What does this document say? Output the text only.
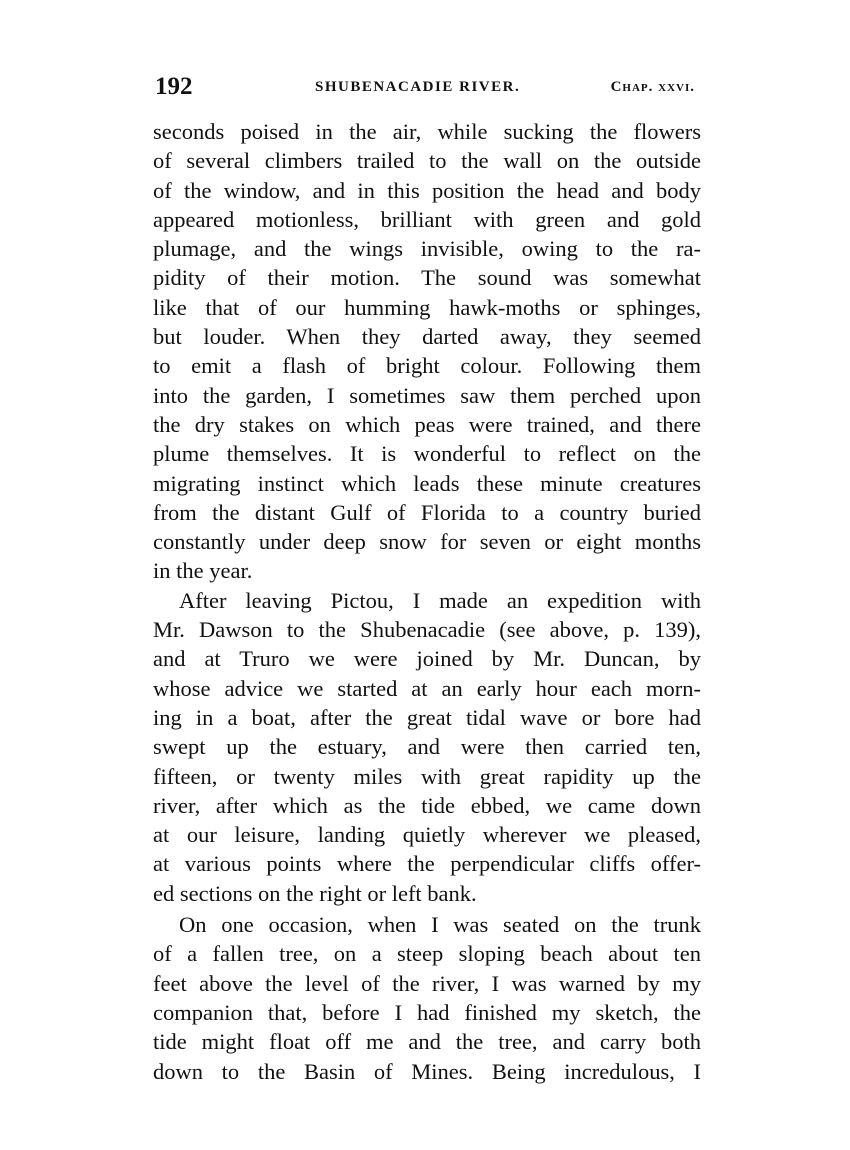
192	SHUBENACADIE RIVER.	Chap. xxvi.
seconds poised in the air, while sucking the flowers
of several climbers trailed to the wall on the outside
of the window, and in this position the head and body
appeared motionless, brilliant with green and gold
plumage, and the wings invisible, owing to the ra-
pidity of their motion. The sound was somewhat
like that of our humming hawk-moths or sphinges,
but louder. When they darted away, they seemed
to emit a flash of bright colour. Following them
into the garden, I sometimes saw them perched upon
the dry stakes on which peas were trained, and there
plume themselves. It is wonderful to reflect on the
migrating instinct which leads these minute creatures
from the distant Gulf of Florida to a country buried
constantly under deep snow for seven or eight months
in the year.
After leaving Pictou, I made an expedition with
Mr. Dawson to the Shubenacadie (see above, p. 139),
and at Truro we were joined by Mr. Duncan, by
whose advice we started at an early hour each morn-
ing in a boat, after the great tidal wave or bore had
swept up the estuary, and were then carried ten,
fifteen, or twenty miles with great rapidity up the
river, after which as the tide ebbed, we came down
at our leisure, landing quietly wherever we pleased,
at various points where the perpendicular cliffs offer-
ed sections on the right or left bank.
On one occasion, when I was seated on the trunk
of a fallen tree, on a steep sloping beach about ten
feet above the level of the river, I was warned by my
companion that, before I had finished my sketch, the
tide might float off me and the tree, and carry both
down to the Basin of Mines. Being incredulous, I
